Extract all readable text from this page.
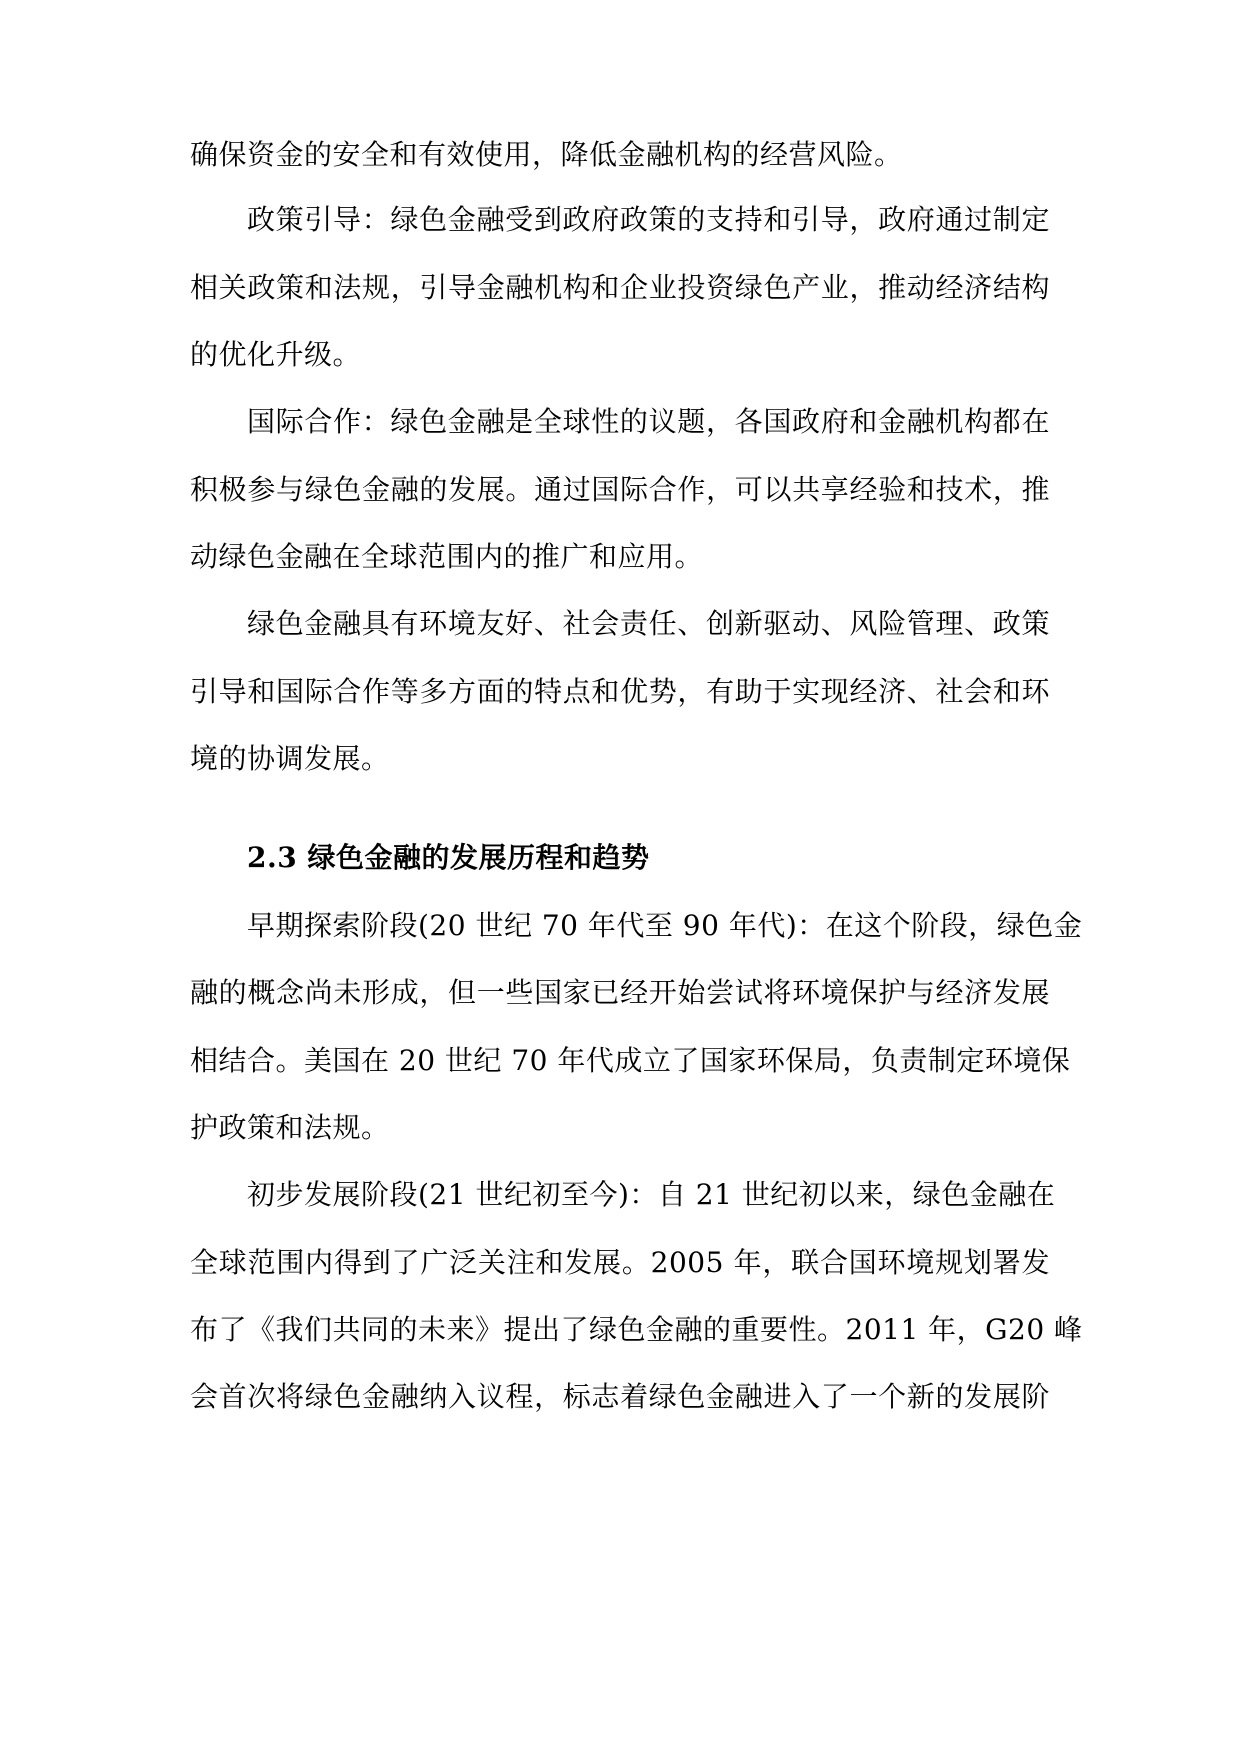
确保资金的安全和有效使用，降低金融机构的经营风险。
政策引导：绿色金融受到政府政策的支持和引导，政府通过制定
相关政策和法规，引导金融机构和企业投资绿色产业，推动经济结构
的优化升级。
国际合作：绿色金融是全球性的议题，各国政府和金融机构都在
积极参与绿色金融的发展。通过国际合作，可以共享经验和技术，推
动绿色金融在全球范围内的推广和应用。
绿色金融具有环境友好、社会责任、创新驱动、风险管理、政策
引导和国际合作等多方面的特点和优势，有助于实现经济、社会和环
境的协调发展。
2.3 绿色金融的发展历程和趋势
早期探索阶段(20 世纪 70 年代至 90 年代)：在这个阶段，绿色金
融的概念尚未形成，但一些国家已经开始尝试将环境保护与经济发展
相结合。美国在 20 世纪 70 年代成立了国家环保局，负责制定环境保
护政策和法规。
初步发展阶段(21 世纪初至今)：自 21 世纪初以来，绿色金融在
全球范围内得到了广泛关注和发展。2005 年，联合国环境规划署发
布了《我们共同的未来》提出了绿色金融的重要性。2011 年，G20 峰
会首次将绿色金融纳入议程，标志着绿色金融进入了一个新的发展阶
